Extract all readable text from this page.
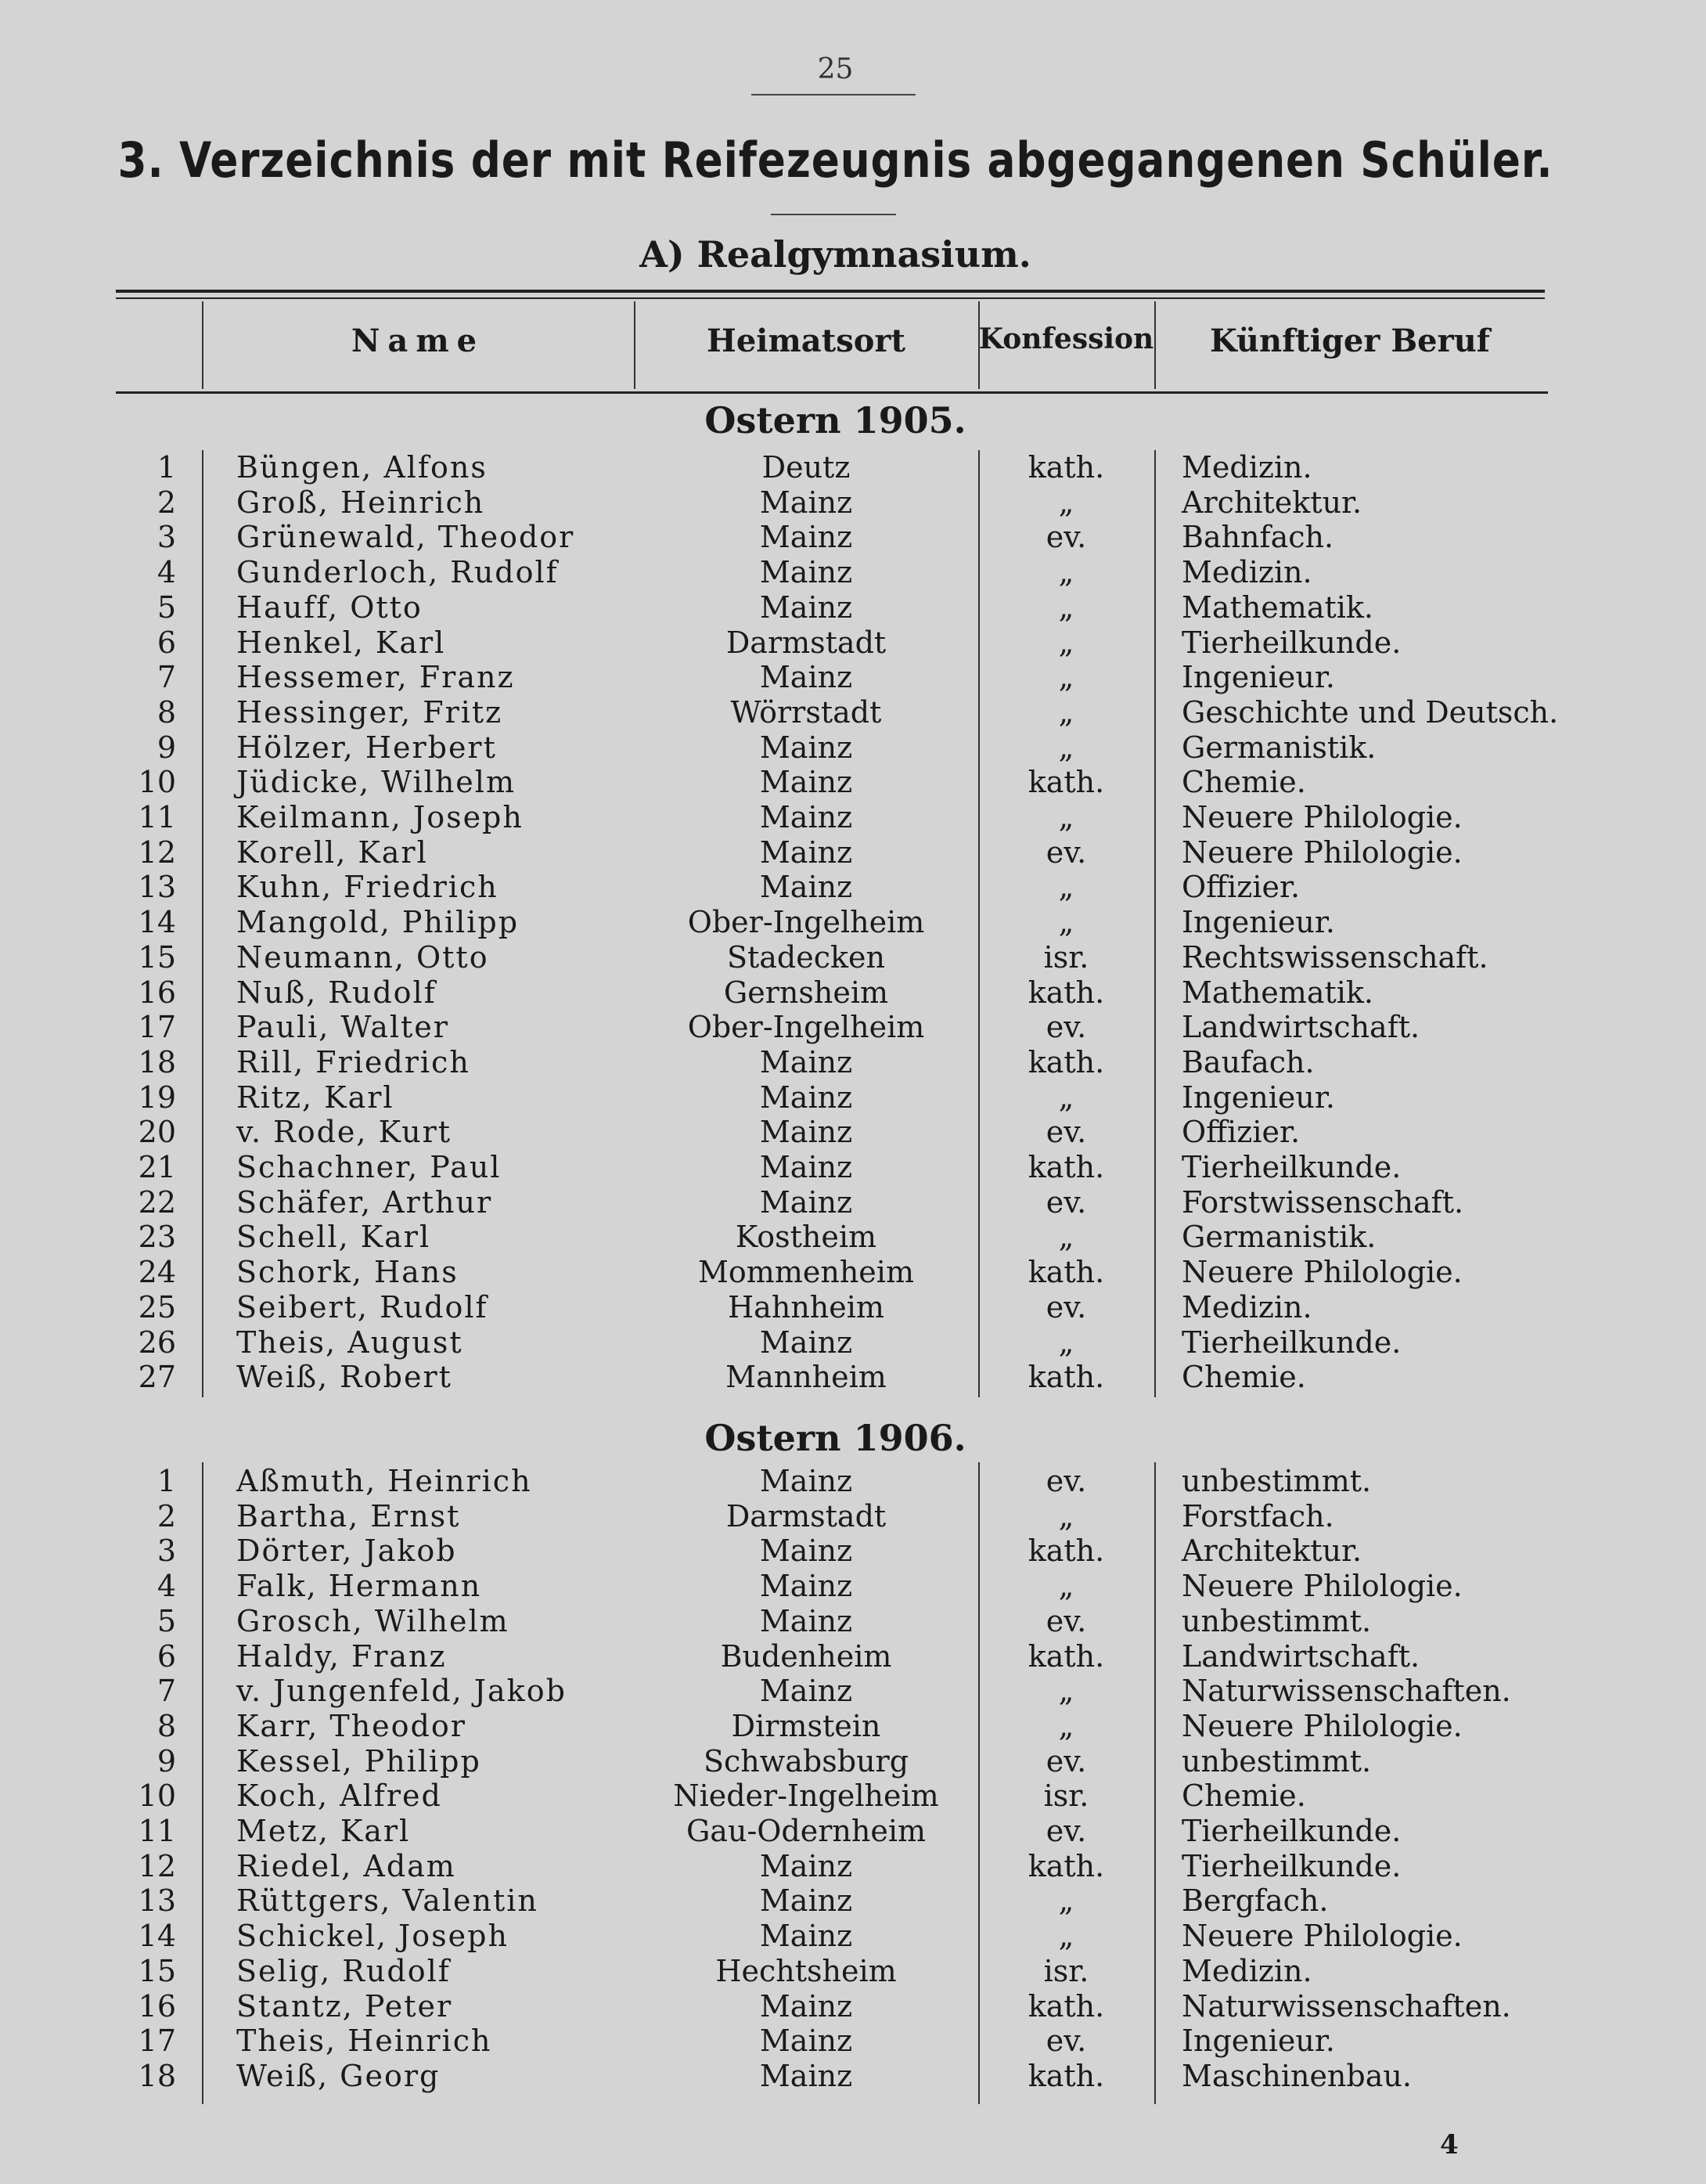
25
3. Verzeichnis der mit Reifezeugnis abgegangenen Schüler.
A) Realgymnasium.
Name	Heimatsort	Konfession	Künftiger Beruf
Ostern 1905.
1 Büngen, Alfons	Deutz	kath.	Medizin.
2 Groß, Heinrich	Mainz	„	Architektur.
3 Grünewald, Theodor	Mainz	ev.	Bahnfach.
4 Gunderloch, Rudolf	Mainz	„	Medizin.
5 Hauff, Otto	Mainz	„	Mathematik.
6 Henkel, Karl	Darmstadt	„	Tierheilkunde.
7 Hessemer, Franz	Mainz	„	Ingenieur.
8 Hessinger, Fritz	Wörrstadt	„	Geschichte und Deutsch.
9 Hölzer, Herbert	Mainz	„	Germanistik.
10 Jüdicke, Wilhelm	Mainz	kath.	Chemie.
11 Keilmann, Joseph	Mainz	„	Neuere Philologie.
12 Korell, Karl	Mainz	ev.	Neuere Philologie.
13 Kuhn, Friedrich	Mainz	„	Offizier.
14 Mangold, Philipp	Ober-Ingelheim	„	Ingenieur.
15 Neumann, Otto	Stadecken	isr.	Rechtswissenschaft.
16 Nuß, Rudolf	Gernsheim	kath.	Mathematik.
17 Pauli, Walter	Ober-Ingelheim	ev.	Landwirtschaft.
18 Rill, Friedrich	Mainz	kath.	Baufach.
19 Ritz, Karl	Mainz	„	Ingenieur.
20 v. Rode, Kurt	Mainz	ev.	Offizier.
21 Schachner, Paul	Mainz	kath.	Tierheilkunde.
22 Schäfer, Arthur	Mainz	ev.	Forstwissenschaft.
23 Schell, Karl	Kostheim	„	Germanistik.
24 Schork, Hans	Mommenheim	kath.	Neuere Philologie.
25 Seibert, Rudolf	Hahnheim	ev.	Medizin.
26 Theis, August	Mainz	„	Tierheilkunde.
27 Weiß, Robert	Mannheim	kath.	Chemie.
Ostern 1906.
1 Aßmuth, Heinrich	Mainz	ev.	unbestimmt.
2 Bartha, Ernst	Darmstadt	„	Forstfach.
3 Dörter, Jakob	Mainz	kath.	Architektur.
4 Falk, Hermann	Mainz	„	Neuere Philologie.
5 Grosch, Wilhelm	Mainz	ev.	unbestimmt.
6 Haldy, Franz	Budenheim	kath.	Landwirtschaft.
7 v. Jungenfeld, Jakob	Mainz	„	Naturwissenschaften.
8 Karr, Theodor	Dirmstein	„	Neuere Philologie.
9 Kessel, Philipp	Schwabsburg	ev.	unbestimmt.
10 Koch, Alfred	Nieder-Ingelheim	isr.	Chemie.
11 Metz, Karl	Gau-Odernheim	ev.	Tierheilkunde.
12 Riedel, Adam	Mainz	kath.	Tierheilkunde.
13 Rüttgers, Valentin	Mainz	„	Bergfach.
14 Schickel, Joseph	Mainz	„	Neuere Philologie.
15 Selig, Rudolf	Hechtsheim	isr.	Medizin.
16 Stantz, Peter	Mainz	kath.	Naturwissenschaften.
17 Theis, Heinrich	Mainz	ev.	Ingenieur.
18 Weiß, Georg	Mainz	kath.	Maschinenbau.
4
